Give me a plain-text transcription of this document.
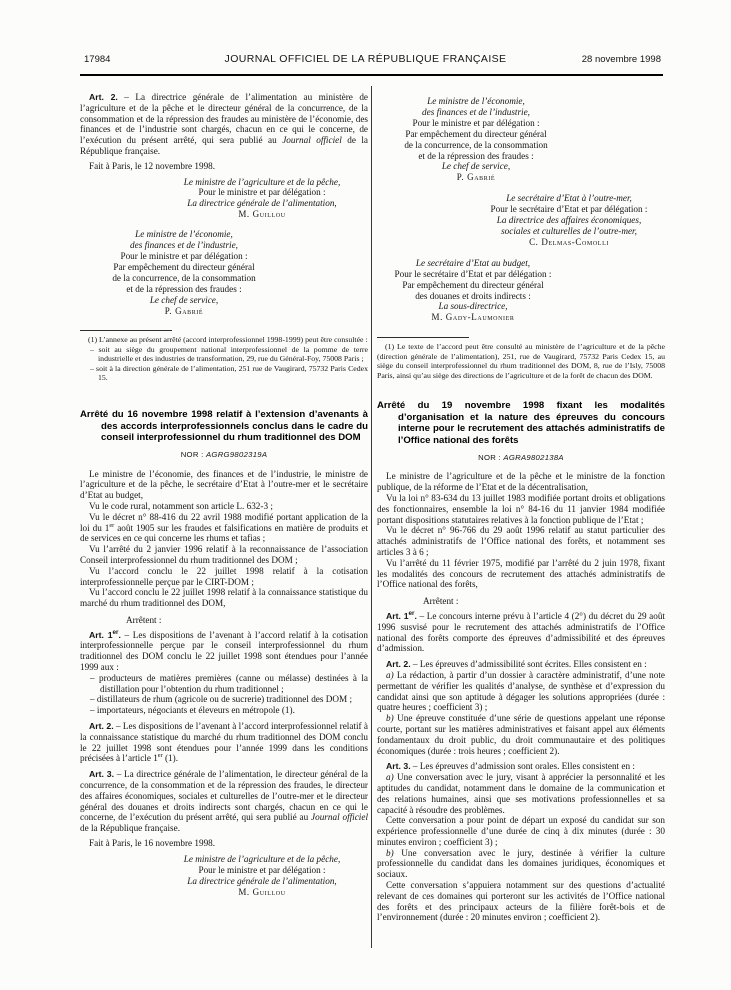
17984	JOURNAL OFFICIEL DE LA RÉPUBLIQUE FRANÇAISE	28 novembre 1998
Art. 2. – La directrice générale de l’alimentation au ministère de l’agriculture et de la pêche et le directeur général de la concurrence, de la consommation et de la répression des fraudes au ministère de l’économie, des finances et de l’industrie sont chargés, chacun en ce qui le concerne, de l’exécution du présent arrêté, qui sera publié au Journal officiel de la République française.
Fait à Paris, le 12 novembre 1998.
Le ministre de l’agriculture et de la pêche,
Pour le ministre et par délégation :
La directrice générale de l’alimentation,
M. Guillou
Le ministre de l’économie,
des finances et de l’industrie,
Pour le ministre et par délégation :
Par empêchement du directeur général
de la concurrence, de la consommation
et de la répression des fraudes :
Le chef de service,
P. Gabrié
(1) L’annexe au présent arrêté (accord interprofessionnel 1998-1999) peut être consultée :
– soit au siège du groupement national interprofessionnel de la pomme de terre industrielle et des industries de transformation, 29, rue du Général-Foy, 75008 Paris ;
– soit à la direction générale de l’alimentation, 251 rue de Vaugirard, 75732 Paris Cedex 15.
Arrêté du 16 novembre 1998 relatif à l’extension d’avenants à des accords interprofessionnels conclus dans le cadre du conseil interprofessionnel du rhum traditionnel des DOM
NOR : AGRG9802319A
Le ministre de l’économie, des finances et de l’industrie, le ministre de l’agriculture et de la pêche, le secrétaire d’Etat à l’outre-mer et le secrétaire d’Etat au budget,
Vu le code rural, notamment son article L. 632-3 ;
Vu le décret n° 88-416 du 22 avril 1988 modifié portant application de la loi du 1er août 1905 sur les fraudes et falsifications en matière de produits et de services en ce qui concerne les rhums et tafias ;
Vu l’arrêté du 2 janvier 1996 relatif à la reconnaissance de l’association Conseil interprofessionnel du rhum traditionnel des DOM ;
Vu l’accord conclu le 22 juillet 1998 relatif à la cotisation interprofessionnelle perçue par le CIRT-DOM ;
Vu l’accord conclu le 22 juillet 1998 relatif à la connaissance statistique du marché du rhum traditionnel des DOM,
Arrêtent :
Art. 1er. – Les dispositions de l’avenant à l’accord relatif à la cotisation interprofessionnelle perçue par le conseil interprofessionnel du rhum traditionnel des DOM conclu le 22 juillet 1998 sont étendues pour l’année 1999 aux :
– producteurs de matières premières (canne ou mélasse) destinées à la distillation pour l’obtention du rhum traditionnel ;
– distillateurs de rhum (agricole ou de sucrerie) traditionnel des DOM ;
– importateurs, négociants et éleveurs en métropole (1).
Art. 2. – Les dispositions de l’avenant à l’accord interprofessionnel relatif à la connaissance statistique du marché du rhum traditionnel des DOM conclu le 22 juillet 1998 sont étendues pour l’année 1999 dans les conditions précisées à l’article 1er (1).
Art. 3. – La directrice générale de l’alimentation, le directeur général de la concurrence, de la consommation et de la répression des fraudes, le directeur des affaires économiques, sociales et culturelles de l’outre-mer et le directeur général des douanes et droits indirects sont chargés, chacun en ce qui le concerne, de l’exécution du présent arrêté, qui sera publié au Journal officiel de la République française.
Fait à Paris, le 16 novembre 1998.
Le ministre de l’agriculture et de la pêche,
Pour le ministre et par délégation :
La directrice générale de l’alimentation,
M. Guillou
Le ministre de l’économie,
des finances et de l’industrie,
Pour le ministre et par délégation :
Par empêchement du directeur général
de la concurrence, de la consommation
et de la répression des fraudes :
Le chef de service,
P. Gabrié
Le secrétaire d’Etat à l’outre-mer,
Pour le secrétaire d’Etat et par délégation :
La directrice des affaires économiques,
sociales et culturelles de l’outre-mer,
C. Delmas-Comolli
Le secrétaire d’Etat au budget,
Pour le secrétaire d’Etat et par délégation :
Par empêchement du directeur général
des douanes et droits indirects :
La sous-directrice,
M. Gady-Laumonier
(1) Le texte de l’accord peut être consulté au ministère de l’agriculture et de la pêche (direction générale de l’alimentation), 251, rue de Vaugirard, 75732 Paris Cedex 15, au siège du conseil interprofessionnel du rhum traditionnel des DOM, 8, rue de l’Isly, 75008 Paris, ainsi qu’au siège des directions de l’agriculture et de la forêt de chacun des DOM.
Arrêté du 19 novembre 1998 fixant les modalités d’organisation et la nature des épreuves du concours interne pour le recrutement des attachés administratifs de l’Office national des forêts
NOR : AGRA9802138A
Le ministre de l’agriculture et de la pêche et le ministre de la fonction publique, de la réforme de l’Etat et de la décentralisation,
Vu la loi n° 83-634 du 13 juillet 1983 modifiée portant droits et obligations des fonctionnaires, ensemble la loi n° 84-16 du 11 janvier 1984 modifiée portant dispositions statutaires relatives à la fonction publique de l’Etat ;
Vu le décret n° 96-766 du 29 août 1996 relatif au statut particulier des attachés administratifs de l’Office national des forêts, et notamment ses articles 3 à 6 ;
Vu l’arrêté du 11 février 1975, modifié par l’arrêté du 2 juin 1978, fixant les modalités des concours de recrutement des attachés administratifs de l’Office national des forêts,
Arrêtent :
Art. 1er. – Le concours interne prévu à l’article 4 (2°) du décret du 29 août 1996 susvisé pour le recrutement des attachés administratifs de l’Office national des forêts comporte des épreuves d’admissibilité et des épreuves d’admission.
Art. 2. – Les épreuves d’admissibilité sont écrites. Elles consistent en :
a) La rédaction, à partir d’un dossier à caractère administratif, d’une note permettant de vérifier les qualités d’analyse, de synthèse et d’expression du candidat ainsi que son aptitude à dégager les solutions appropriées (durée : quatre heures ; coefficient 3) ;
b) Une épreuve constituée d’une série de questions appelant une réponse courte, portant sur les matières administratives et faisant appel aux éléments fondamentaux du droit public, du droit communautaire et des politiques économiques (durée : trois heures ; coefficient 2).
Art. 3. – Les épreuves d’admission sont orales. Elles consistent en :
a) Une conversation avec le jury, visant à apprécier la personnalité et les aptitudes du candidat, notamment dans le domaine de la communication et des relations humaines, ainsi que ses motivations professionnelles et sa capacité à résoudre des problèmes.
Cette conversation a pour point de départ un exposé du candidat sur son expérience professionnelle d’une durée de cinq à dix minutes (durée : 30 minutes environ ; coefficient 3) ;
b) Une conversation avec le jury, destinée à vérifier la culture professionnelle du candidat dans les domaines juridiques, économiques et sociaux.
Cette conversation s’appuiera notamment sur des questions d’actualité relevant de ces domaines qui porteront sur les activités de l’Office national des forêts et des principaux acteurs de la filière forêt-bois et de l’environnement (durée : 20 minutes environ ; coefficient 2).
